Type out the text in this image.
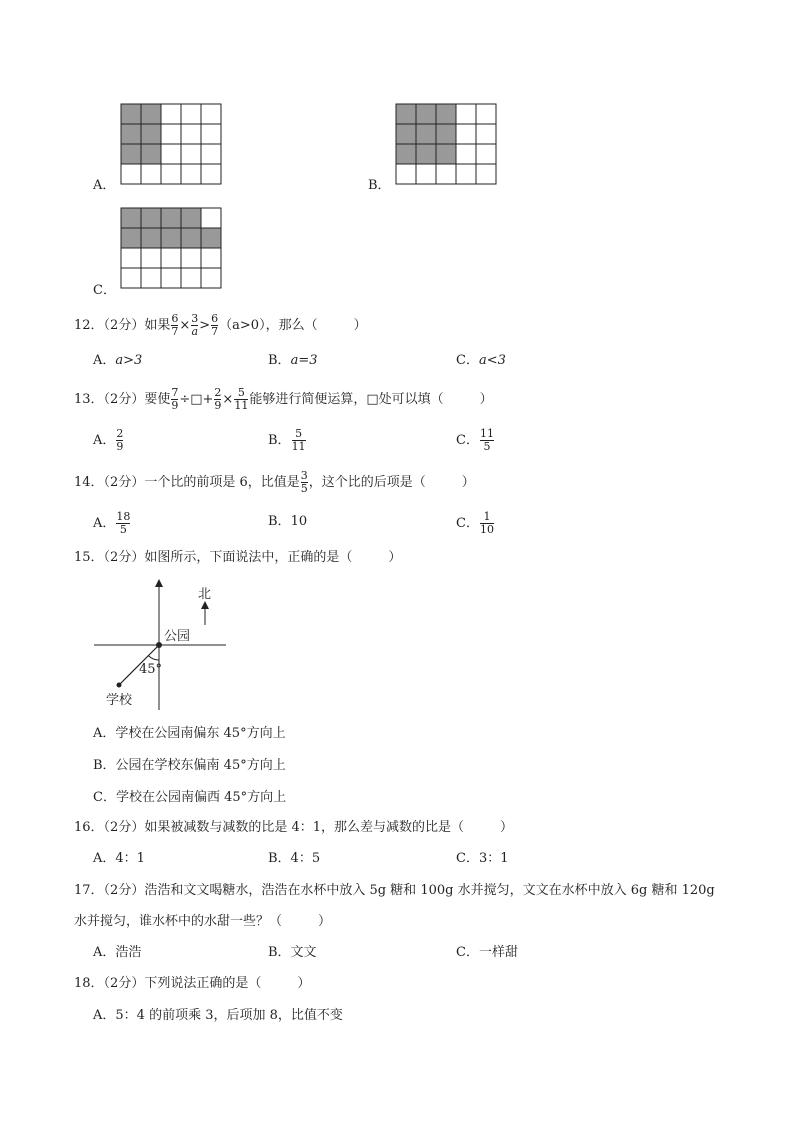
A．	B．
C．
12．（2分）如果 $\frac{6}{7} \times \frac{3}{a} > \frac{6}{7} (a>0)$，那么（	）
A．a>3	B．a=3	C．a<3
13．（2分）要使 $\frac{7}{9}$ ÷□+ $\frac{2}{9} \times \frac{5}{11}$ 能够进行简便运算，□处可以填（	）
A． $\frac{2}{9}$	B． $\frac{5}{11}$	C． $\frac{11}{5}$
14．（2分）一个比的前项是 6，比值是 $\frac{3}{5}$ ，这个比的后项是（	）
A． $\frac{18}{5}$	B．10	C． $\frac{1}{10}$
15．（2分）如图所示，下面说法中，正确的是（	）
北
公园
45°
学校
A．学校在公园南偏东 45°方向上
B．公园在学校东偏南 45°方向上
C．学校在公园南偏西 45°方向上
16．（2分）如果被减数与减数的比是 4：1，那么差与减数的比是（	）
A．4：1	B．4：5	C．3：1
17．（2分）浩浩和文文喝糖水，浩浩在水杯中放入 5g 糖和 100g 水并搅匀，文文在水杯中放入 6g 糖和 120g
水并搅匀，谁水杯中的水甜一些？（	）
A．浩浩	B．文文	C．一样甜
18．（2分）下列说法正确的是（	）
A．5：4 的前项乘 3，后项加 8，比值不变
